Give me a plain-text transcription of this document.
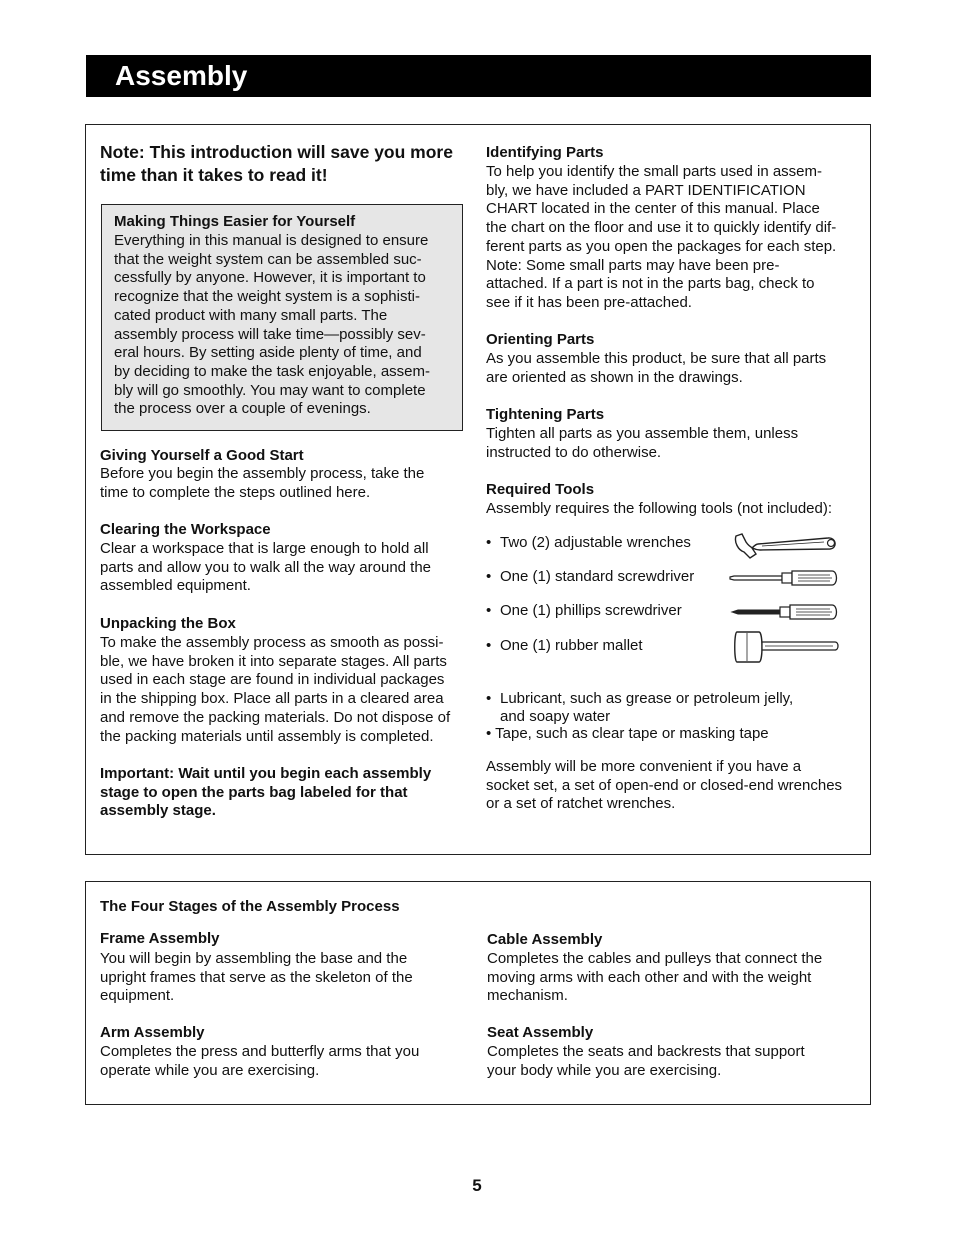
Assembly

Note: This introduction will save you more
time than it takes to read it!

Making Things Easier for Yourself

Everything in this manual is designed to ensure
that the weight system can be assembled suc-
cessfully by anyone. However, it is important to
recognize that the weight system is a sophisti-
cated product with many small parts. The
assembly process will take time—possibly sev-
eral hours. By setting aside plenty of time, and
by deciding to make the task enjoyable, assem-
bly will go smoothly. You may want to complete
the process over a couple of evenings.

Giving Yourself a Good Start

Before you begin the assembly process, take the
time to complete the steps outlined here.

Clearing the Workspace

Clear a workspace that is large enough to hold all
parts and allow you to walk all the way around the
assembled equipment.

Unpacking the Box

To make the assembly process as smooth as possi-
ble, we have broken it into separate stages. All parts
used in each stage are found in individual packages
in the shipping box. Place all parts in a cleared area
and remove the packing materials. Do not dispose of
the packing materials until assembly is completed.

Important: Wait until you begin each assembly
stage to open the parts bag labeled for that
assembly stage.

Identifying Parts

To help you identify the small parts used in assem-
bly, we have included a PART IDENTIFICATION
CHART located in the center of this manual. Place
the chart on the floor and use it to quickly identify dif-
ferent parts as you open the packages for each step.
Note: Some small parts may have been pre-
attached. If a part is not in the parts bag, check to
see if it has been pre-attached.

Orienting Parts

As you assemble this product, be sure that all parts
are oriented as shown in the drawings.

Tightening Parts

Tighten all parts as you assemble them, unless
instructed to do otherwise.

Required Tools

Assembly requires the following tools (not included):

• Two (2) adjustable wrenches
• One (1) standard screwdriver
• One (1) phillips screwdriver
• One (1) rubber mallet

• Lubricant, such as grease or petroleum jelly,
and soapy water

• Tape, such as clear tape or masking tape

Assembly will be more convenient if you have a
socket set, a set of open-end or closed-end wrenches
or a set of ratchet wrenches.

The Four Stages of the Assembly Process

Frame Assembly

You will begin by assembling the base and the
upright frames that serve as the skeleton of the
equipment.

Arm Assembly

Completes the press and butterfly arms that you
operate while you are exercising.

Cable Assembly

Completes the cables and pulleys that connect the
moving arms with each other and with the weight
mechanism.

Seat Assembly

Completes the seats and backrests that support
your body while you are exercising.

5
